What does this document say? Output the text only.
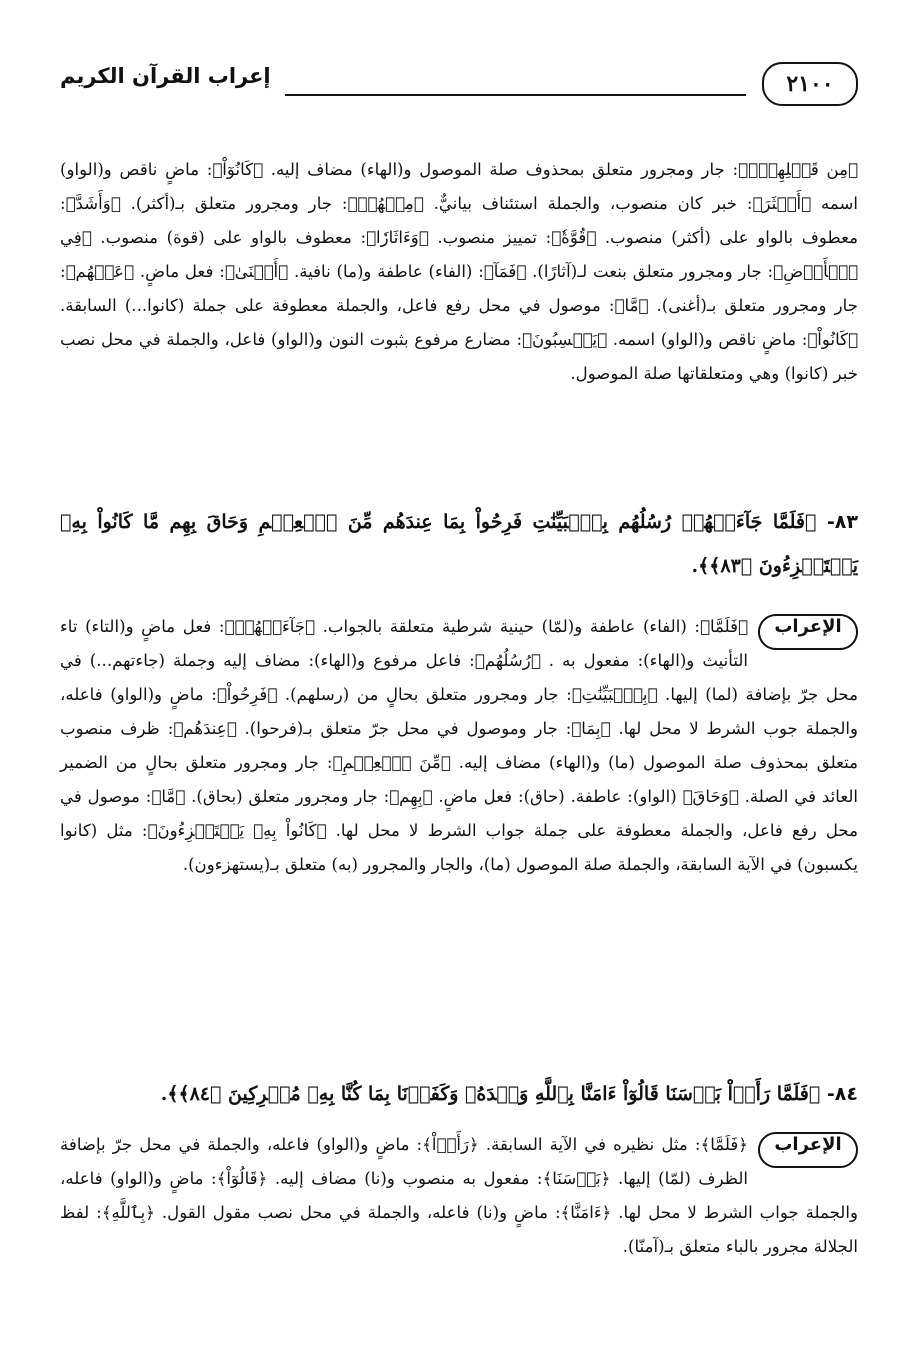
٢١٠٠
إعراب القرآن الكريم

﴿مِن قَبۡلِهِمۡۚ﴾: جار ومجرور متعلق بمحذوف صلة الموصول و(الهاء) مضاف إليه. ﴿كَانُوٓاْ﴾: ماضٍ ناقص و(الواو) اسمه ﴿أَكۡثَرَ﴾: خبر كان منصوب، والجملة استئناف بيانيٌّ. ﴿مِنۡهُمۡ﴾: جار ومجرور متعلق بـ(أكثر). ﴿وَأَشَدَّ﴾: معطوف بالواو على (أكثر) منصوب. ﴿قُوَّةٗ﴾: تمييز منصوب. ﴿وَءَاثَارٗا﴾: معطوف بالواو على (قوة) منصوب. ﴿فِي ٱلۡأَرۡضِ﴾: جار ومجرور متعلق بنعت لـ(آثارًا). ﴿فَمَآ﴾: (الفاء) عاطفة و(ما) نافية. ﴿أَغۡنَىٰ﴾: فعل ماضٍ. ﴿عَنۡهُم﴾: جار ومجرور متعلق بـ(أغنى). ﴿مَّا﴾: موصول في محل رفع فاعل، والجملة معطوفة على جملة (كانوا...) السابقة. ﴿كَانُواْ﴾: ماضٍ ناقص و(الواو) اسمه. ﴿يَكۡسِبُونَ﴾: مضارع مرفوع بثبوت النون و(الواو) فاعل، والجملة في محل نصب خبر (كانوا) وهي ومتعلقاتها صلة الموصول.

٨٣- ﴿فَلَمَّا جَآءَتۡهُمۡ رُسُلُهُم بِٱلۡبَيِّنَٰتِ فَرِحُواْ بِمَا عِندَهُم مِّنَ ٱلۡعِلۡمِ وَحَاقَ بِهِم مَّا كَانُواْ بِهِۦ يَسۡتَهۡزِءُونَ ﴿٨٣﴾﴾.
الإعراب
﴿فَلَمَّا﴾: (الفاء) عاطفة و(لمّا) حينية شرطية متعلقة بالجواب. ﴿جَآءَتۡهُمۡ﴾: فعل ماضٍ و(التاء) تاء التأنيث و(الهاء): مفعول به . ﴿رُسُلُهُم﴾: فاعل مرفوع و(الهاء): مضاف إليه وجملة (جاءتهم...) في محل جرّ بإضافة (لما) إليها. ﴿بِٱلۡبَيِّنَٰتِ﴾: جار ومجرور متعلق بحالٍ من (رسلهم). ﴿فَرِحُواْ﴾: ماضٍ و(الواو) فاعله، والجملة جوب الشرط لا محل لها. ﴿بِمَا﴾: جار وموصول في محل جرّ متعلق بـ(فرحوا). ﴿عِندَهُم﴾: ظرف منصوب متعلق بمحذوف صلة الموصول (ما) و(الهاء) مضاف إليه. ﴿مِّنَ ٱلۡعِلۡمِ﴾: جار ومجرور متعلق بحالٍ من الضمير العائد في الصلة. ﴿وَحَاقَ﴾ (الواو): عاطفة. (حاق): فعل ماضٍ. ﴿بِهِم﴾: جار ومجرور متعلق (بحاق). ﴿مَّا﴾: موصول في محل رفع فاعل، والجملة معطوفة على جملة جواب الشرط لا محل لها. ﴿كَانُواْ بِهِۦ يَسۡتَهۡزِءُونَ﴾: مثل (كانوا يكسبون) في الآية السابقة، والجملة صلة الموصول (ما)، والجار والمجرور (به) متعلق بـ(يستهزءون).
٨٤- ﴿فَلَمَّا رَأَوۡاْ بَأۡسَنَا قَالُوٓاْ ءَامَنَّا بِٱللَّهِ وَحۡدَهُۥ وَكَفَرۡنَا بِمَا كُنَّا بِهِۦ مُشۡرِكِينَ ﴿٨٤﴾﴾.
الإعراب
﴿فَلَمَّا﴾: مثل نظيره في الآية السابقة. ﴿رَأَوۡاْ﴾: ماضٍ و(الواو) فاعله، والجملة في محل جرّ بإضافة الظرف (لمّا) إليها. ﴿بَأۡسَنَا﴾: مفعول به منصوب و(نا) مضاف إليه. ﴿قَالُوٓاْ﴾: ماضٍ و(الواو) فاعله، والجملة جواب الشرط لا محل لها. ﴿ءَامَنَّا﴾: ماضٍ و(نا) فاعله، والجملة في محل نصب مقول القول. ﴿بِٱللَّهِ﴾: لفظ الجلالة مجرور بالباء متعلق بـ(آمنّا).
